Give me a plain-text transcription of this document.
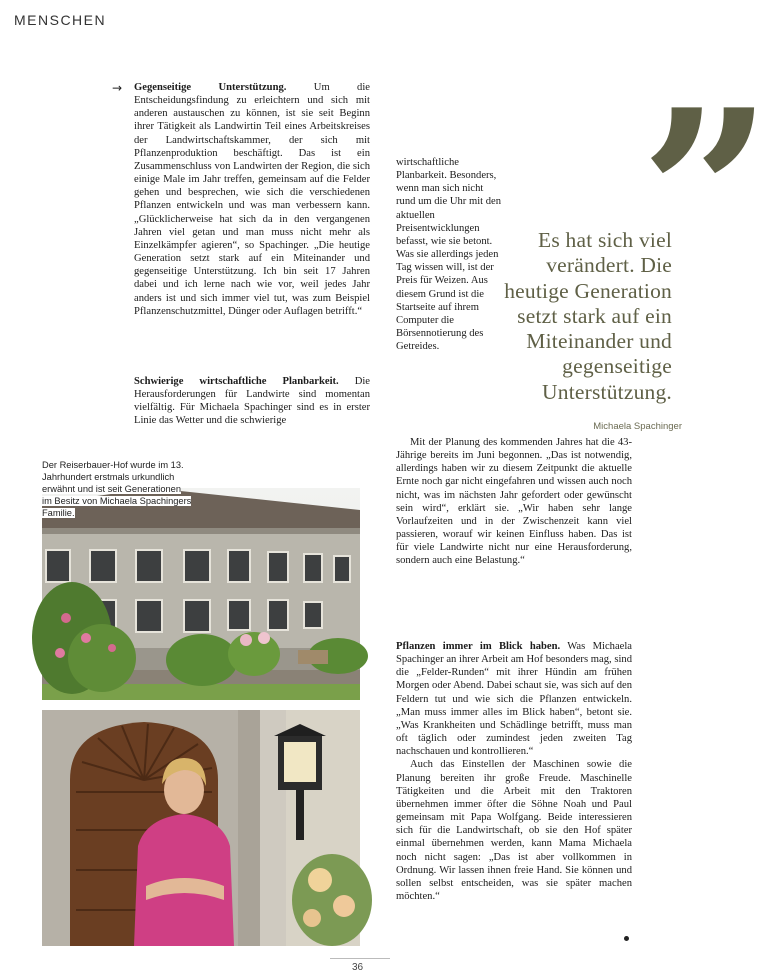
MENSCHEN
→ Gegenseitige Unterstützung. Um die Entscheidungsfindung zu erleichtern und sich mit anderen austauschen zu können, ist sie seit Beginn ihrer Tätigkeit als Landwirtin Teil eines Arbeitskreises der Landwirtschaftskammer, der sich mit Pflanzenproduktion beschäftigt. Das ist ein Zusammenschluss von Landwirten der Region, die sich einige Male im Jahr treffen, gemeinsam auf die Felder gehen und besprechen, wie sich die verschiedenen Pflanzen entwickeln und was man verbessern kann. „Glücklicherweise hat sich da in den vergangenen Jahren viel getan und man muss nicht mehr als Einzelkämpfer agieren“, so Spachinger. „Die heutige Generation setzt stark auf ein Miteinander und gegenseitige Unterstützung. Ich bin seit 17 Jahren dabei und ich lerne nach wie vor, weil jedes Jahr anders ist und sich immer viel tut, was zum Beispiel Pflanzenschutzmittel, Dünger oder Auflagen betrifft.“

Schwierige wirtschaftliche Planbarkeit. Die Herausforderungen für Landwirte sind momentan vielfältig. Für Michaela Spachinger sind es in erster Linie das Wetter und die schwierige

wirtschaftliche Planbarkeit. Besonders, wenn man sich nicht rund um die Uhr mit den aktuellen Preisentwicklungen befasst, wie sie betont. Was sie allerdings jeden Tag wissen will, ist der Preis für Weizen. Aus diesem Grund ist die Startseite auf ihrem Computer die Börsennotierung des Getreides.

Mit der Planung des kommenden Jahres hat die 43-Jährige bereits im Juni begonnen. „Das ist notwendig, allerdings haben wir zu diesem Zeitpunkt die aktuelle Ernte noch gar nicht eingefahren und wissen auch noch nicht, was im nächsten Jahr gefordert oder gewünscht sein wird“, erklärt sie. „Wir haben sehr lange Vorlaufzeiten und in der Zwischenzeit kann viel passieren, worauf wir keinen Einfluss haben. Das ist für viele Landwirte nicht nur eine Herausforderung, sondern auch eine Belastung.“

Pflanzen immer im Blick haben. Was Michaela Spachinger an ihrer Arbeit am Hof besonders mag, sind die „Felder-Runden“ mit ihrer Hündin am frühen Morgen oder Abend. Dabei schaut sie, was sich auf den Feldern tut und wie sich die Pflanzen entwickeln. „Man muss immer alles im Blick haben“, betont sie. „Was Krankheiten und Schädlinge betrifft, muss man oft täglich oder zumindest jeden zweiten Tag nachschauen und kontrollieren.“

Auch das Einstellen der Maschinen sowie die Planung bereiten ihr große Freude. Maschinelle Tätigkeiten und die Arbeit mit den Traktoren übernehmen immer öfter die Söhne Noah und Paul gemeinsam mit Papa Wolfgang. Beide interessieren sich für die Landwirtschaft, ob sie den Hof später einmal übernehmen werden, kann Mama Michaela noch nicht sagen: „Das ist aber vollkommen in Ordnung. Wir lassen ihnen freie Hand. Sie können und sollen selbst entscheiden, was sie später machen möchten.“

”
Es hat sich viel verändert. Die heutige Generation setzt stark auf ein Miteinander und gegenseitige Unterstützung.
Michaela Spachinger
Der Reiserbauer-Hof wurde im 13. Jahrhundert erstmals urkundlich erwähnt und ist seit Generationen im Besitz von Michaela Spachingers Familie.
36
